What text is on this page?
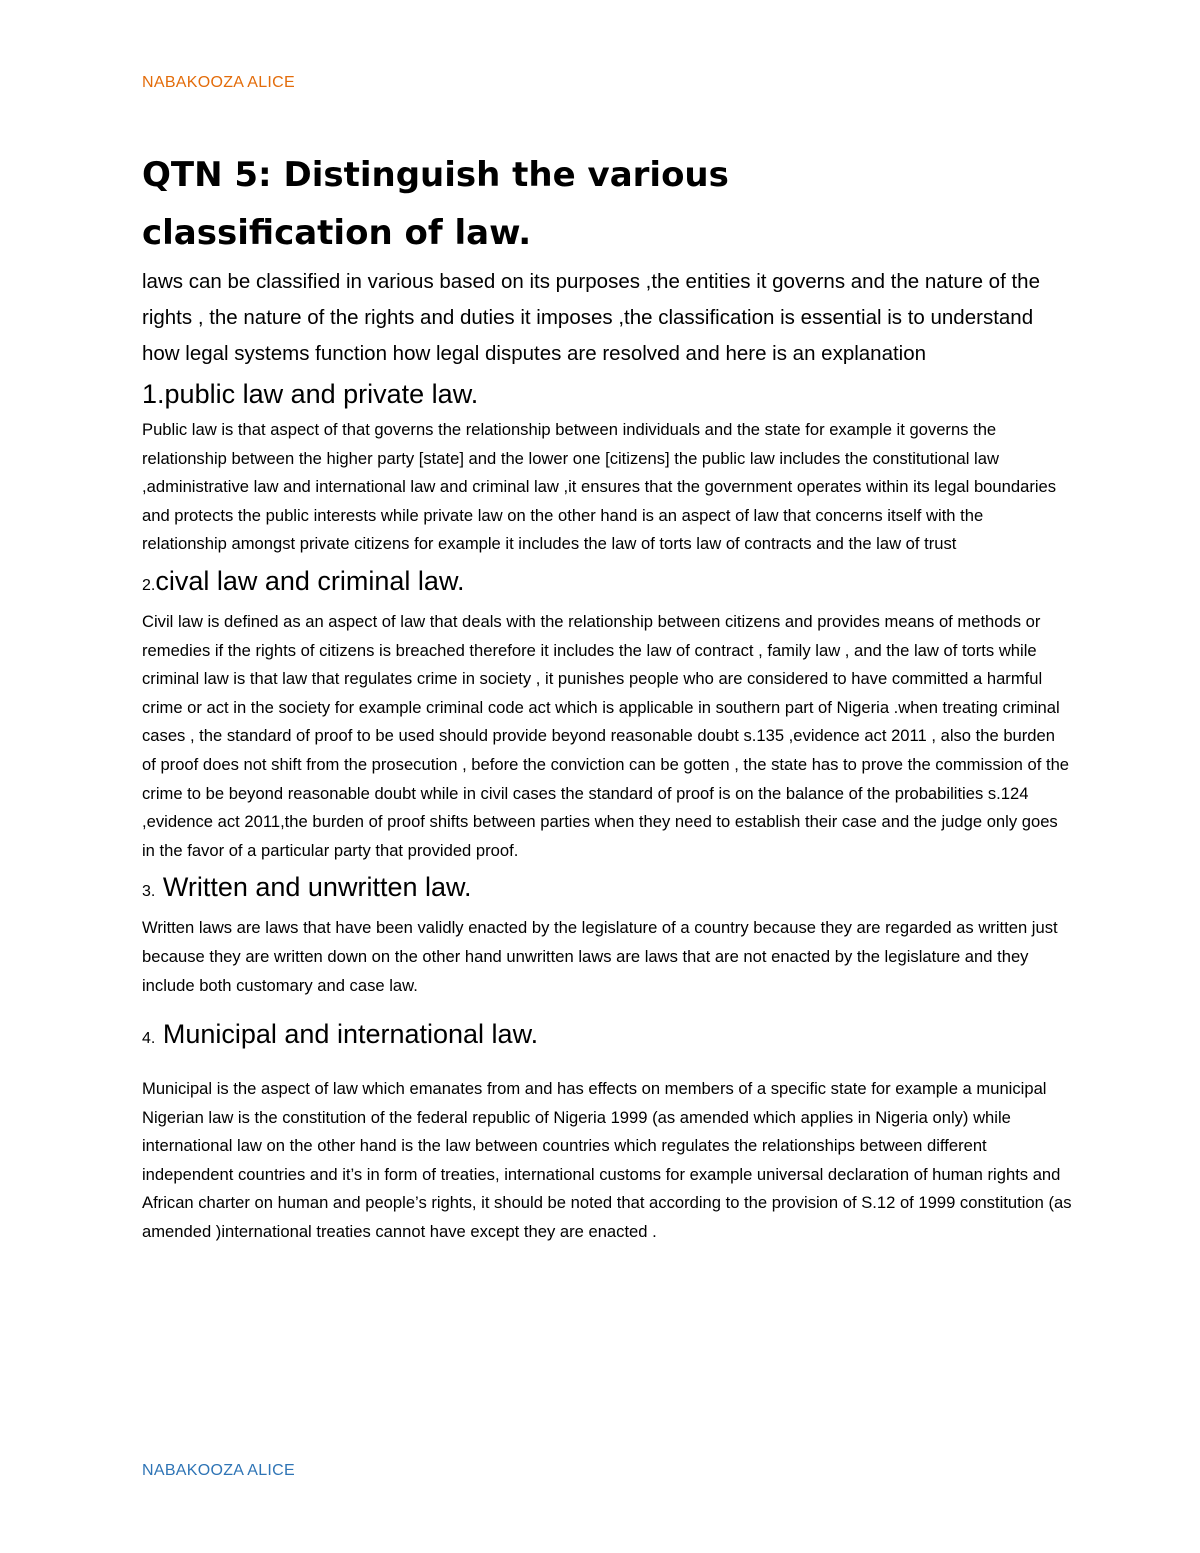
NABAKOOZA ALICE
QTN 5: Distinguish the various classification of law.

laws can be classified in various based on its purposes ,the entities it governs and the nature of the rights , the nature of the rights and duties it imposes ,the classification is essential is to understand how legal systems function how legal disputes are resolved and here is an explanation

1.public law and private law.

Public law is that aspect of that governs the relationship between individuals and the state for example it governs the relationship between the higher party [state] and the lower one [citizens] the public law includes the constitutional law ,administrative law and international law and criminal law ,it ensures that the government operates within its legal boundaries and protects the public interests while private law on the other hand is an aspect of law that concerns itself with the relationship amongst private citizens for example it includes the law of torts law of contracts and the law of trust

2.cival law and criminal law.

Civil law is defined as an aspect of law that deals with the relationship between citizens and provides means of methods or remedies if the rights of citizens is breached therefore it includes the law of contract , family law , and the law of torts while criminal law is that law that regulates crime in society , it punishes people who are considered to have committed a harmful crime or act in the society for example criminal code act which is applicable in southern part of Nigeria .when treating criminal cases , the standard of proof to be used should provide beyond reasonable doubt s.135 ,evidence act 2011 , also the burden of proof does not shift from the prosecution , before the conviction can be gotten , the state has to prove the commission of the crime to be beyond reasonable doubt while in civil cases the standard of proof is on the balance of the probabilities s.124 ,evidence act 2011,the burden of proof shifts between parties when they need to establish their case and the judge only goes in the favor of a particular party that provided proof.

3. Written and unwritten law.

Written laws are laws that have been validly enacted by the legislature of a country because they are regarded as written just because they are written down on the other hand unwritten laws are laws that are not enacted by the legislature and they include both customary and case law.

4. Municipal and international law.

Municipal is the aspect of law which emanates from and has effects on members of a specific state for example a municipal Nigerian law is the constitution of the federal republic of Nigeria 1999 (as amended which applies in Nigeria only) while international law on the other hand is the law between countries which regulates the relationships between different independent countries and it’s in form of treaties, international customs for example universal declaration of human rights and African charter on human and people’s rights, it should be noted that according to the provision of S.12 of 1999 constitution (as amended )international treaties cannot have except they are enacted .

NABAKOOZA ALICE
